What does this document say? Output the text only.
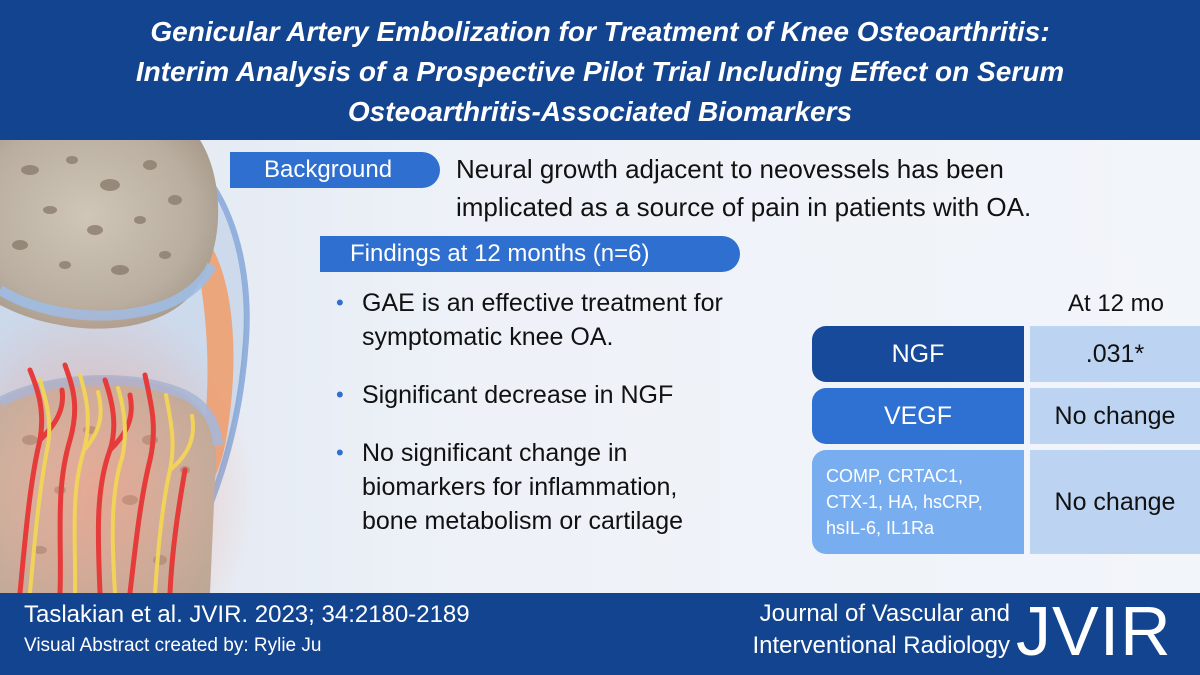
Genicular Artery Embolization for Treatment of Knee Osteoarthritis:
Interim Analysis of a Prospective Pilot Trial Including Effect on Serum
Osteoarthritis-Associated Biomarkers
Background Neural growth adjacent to neovessels has been
implicated as a source of pain in patients with OA.

Findings at 12 months (n=6)
• GAE is an effective treatment for
symptomatic knee OA.
• Significant decrease in NGF
• No significant change in
biomarkers for inflammation,
bone metabolism or cartilage

At 12 mo

NGF	.031*
VEGF	No change
COMP, CRTAC1,
CTX-1, HA, hsCRP,
hsIL-6, IL1Ra
No change

Taslakian et al. JVIR. 2023; 34:2180-2189

Visual Abstract created by: Rylie Ju

Journal of Vascular and
Interventional Radiology JVIR
